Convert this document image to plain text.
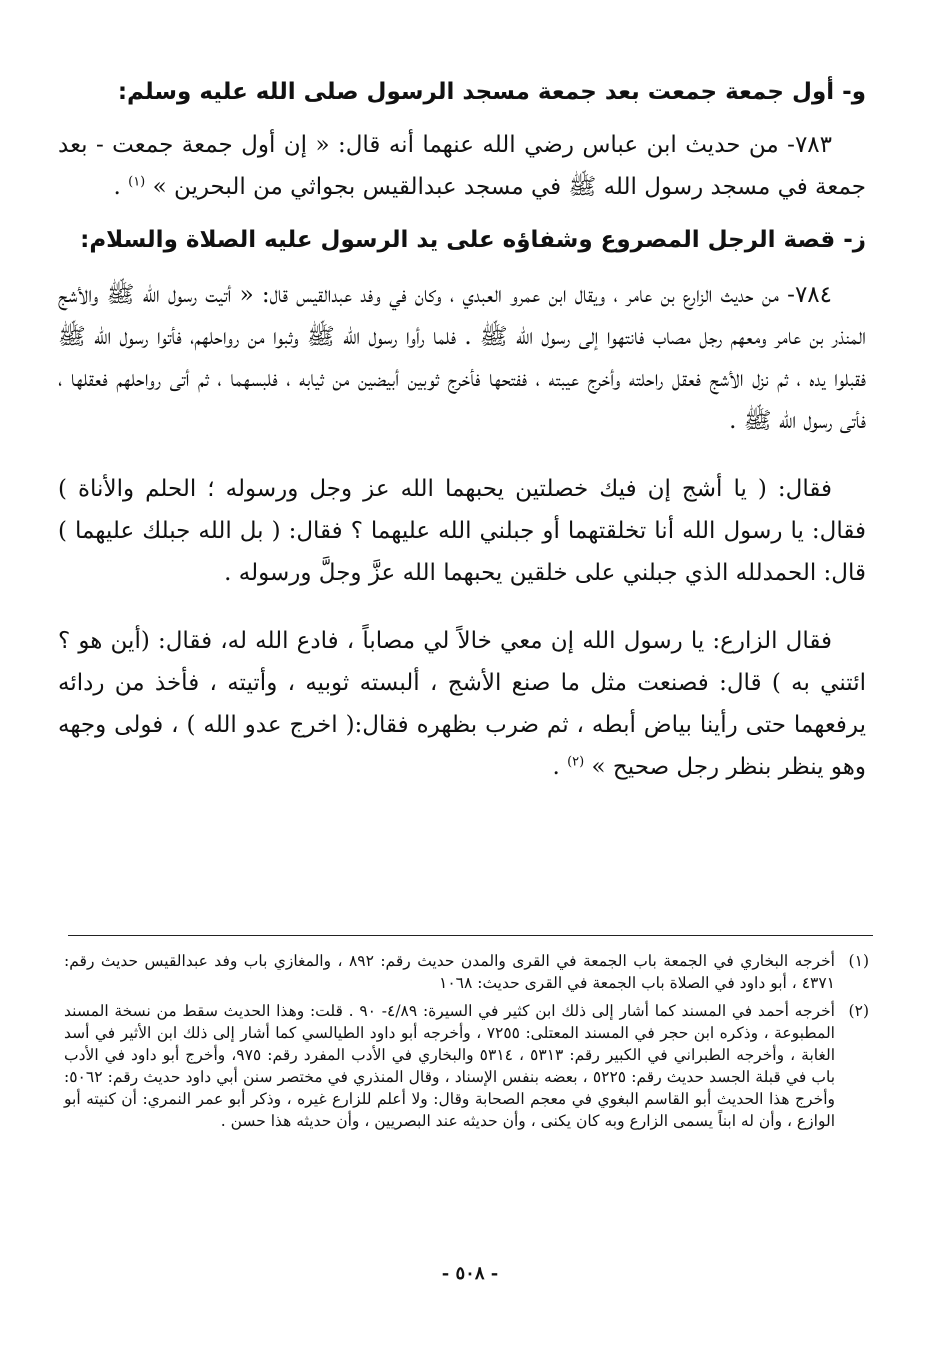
و- أول جمعة جمعت بعد جمعة مسجد الرسول صلى الله عليه وسلم:

٧٨٣- من حديث ابن عباس رضي الله عنهما أنه قال: « إن أول جمعة جمعت - بعد جمعة في مسجد رسول الله ﷺ في مسجد عبدالقيس بجواثي من البحرين » $^{(١)}$ .

ز- قصة الرجل المصروع وشفاؤه على يد الرسول عليه الصلاة والسلام:

٧٨٤- من حديث الزارع بن عامر ، ويقال ابن عمرو العبدي ، وكان في وفد عبدالقيس قال: « أتيت رسول الله ﷺ والأشج المنذر بن عامر ومعهم رجل مصاب فانتهوا إلى رسول الله ﷺ . فلما رأوا رسول الله ﷺ وثبوا من رواحلهم، فأتوا رسول الله ﷺ فقبلوا يده ، ثم نزل الأشج فعقل راحلته وأخرج عيبته ، ففتحها فأخرج ثوبين أبيضين من ثيابه ، فلبسهما ، ثم أتى رواحلهم فعقلها ، فأتى رسول الله ﷺ .

فقال: ( يا أشج إن فيك خصلتين يحبهما الله عز وجل ورسوله ؛ الحلم والأناة ) فقال: يا رسول الله أنا تخلقتهما أو جبلني الله عليهما ؟ فقال: ( بل الله جبلك عليهما ) قال: الحمدلله الذي جبلني على خلقين يحبهما الله عزَّ وجلَّ ورسوله .

فقال الزارع: يا رسول الله إن معي خالاً لي مصاباً ، فادع الله له، فقال: (أين هو ؟ ائتني به ) قال: فصنعت مثل ما صنع الأشج ، ألبسته ثوبيه ، وأتيته ، فأخذ من ردائه يرفعهما حتى رأينا بياض أبطه ، ثم ضرب بظهره فقال:( اخرج عدو الله ) ، فولى وجهه وهو ينظر بنظر رجل صحيح » $^{(٢)}$ .

(١)
أخرجه البخاري في الجمعة باب الجمعة في القرى والمدن حديث رقم: ٨٩٢ ، والمغازي باب وفد عبدالقيس حديث رقم: ٤٣٧١ ، أبو داود في الصلاة باب الجمعة في القرى حديث: ١٠٦٨
(٢)
أخرجه أحمد في المسند كما أشار إلى ذلك ابن كثير في السيرة: ٤/٨٩- ٩٠ . قلت: وهذا الحديث سقط من نسخة المسند المطبوعة ، وذكره ابن حجر في المسند المعتلى: ٧٢٥٥ ، وأخرجه أبو داود الطيالسي كما أشار إلى ذلك ابن الأثير في أسد الغابة ، وأخرجه الطبراني في الكبير رقم: ٥٣١٣ ، ٥٣١٤ والبخاري في الأدب المفرد رقم: ٩٧٥، وأخرج أبو داود في الأدب باب في قبلة الجسد حديث رقم: ٥٢٢٥ ، بعضه بنفس الإسناد ، وقال المنذري في مختصر سنن أبي داود حديث رقم: ٥٠٦٢: وأخرج هذا الحديث أبو القاسم البغوي في معجم الصحابة وقال: ولا أعلم للزارع غيره ، وذكر أبو عمر النمري: أن كنيته أبو الوازع ، وأن له ابناً يسمى الزارع وبه كان يكنى ، وأن حديثه عند البصريين ، وأن حديثه هذا حسن .
- ٥٠٨ -
